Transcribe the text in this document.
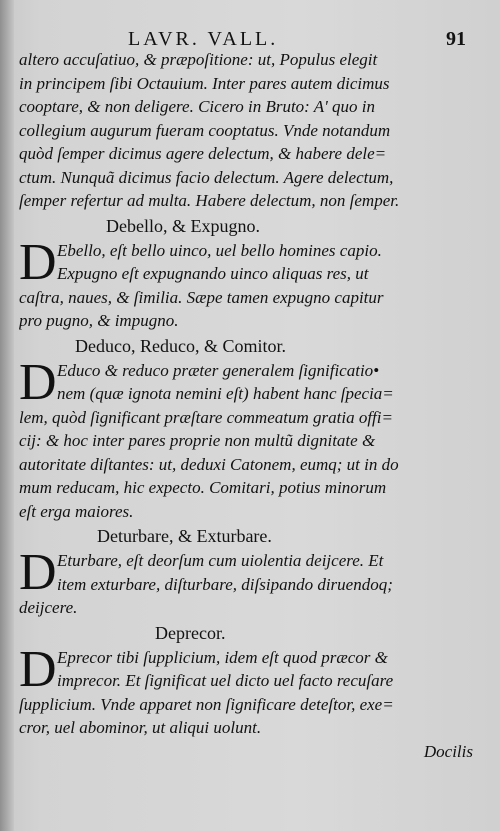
LAVR. VALL.	91
altero accuſatiuo, & præpoſitione: ut, Populus elegit
in principem ſibi Octauium. Inter pares autem dicimus
cooptare, & non deligere. Cicero in Bruto: A' quo in
collegium augurum fueram cooptatus. Vnde notandum
quòd ſemper dicimus agere delectum, & habere dele=
ctum. Nunquã dicimus facio delectum. Agere delectum,
ſemper refertur ad multa. Habere delectum, non ſemper.
Debello, & Expugno.
D Ebello, eſt bello uinco, uel bello homines capio.
Expugno eſt expugnando uinco aliquas res, ut
caſtra, naues, & ſimilia. Sæpe tamen expugno capitur
pro pugno, & impugno.
Deduco, Reduco, & Comitor.
D Educo & reduco præter generalem ſignificatio•
nem (quæ ignota nemini eſt) habent hanc ſpecia=
lem, quòd ſignificant præſtare commeatum gratia offi=
cij: & hoc inter pares proprie non multũ dignitate &
autoritate diſtantes: ut, deduxi Catonem, eumq; ut in do
mum reducam, hic expecto. Comitari, potius minorum
eſt erga maiores.
Deturbare, & Exturbare.
D Eturbare, eſt deorſum cum uiolentia deijcere. Et
item exturbare, diſturbare, diſsipando diruendoq;
deijcere.
Deprecor.
D Eprecor tibi ſupplicium, idem eſt quod præcor &
imprecor. Et ſignificat uel dicto uel facto recuſare
ſupplicium. Vnde apparet non ſignificare deteſtor, exe=
cror, uel abominor, ut aliqui uolunt.
Docilis
